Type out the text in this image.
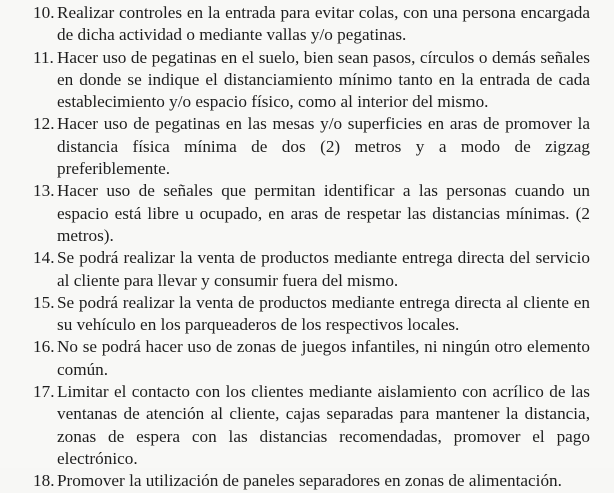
10. Realizar controles en la entrada para evitar colas, con una persona encargada de dicha actividad o mediante vallas y/o pegatinas.
11. Hacer uso de pegatinas en el suelo, bien sean pasos, círculos o demás señales en donde se indique el distanciamiento mínimo tanto en la entrada de cada establecimiento y/o espacio físico, como al interior del mismo.
12. Hacer uso de pegatinas en las mesas y/o superficies en aras de promover la distancia física mínima de dos (2) metros y a modo de zigzag preferiblemente.
13. Hacer uso de señales que permitan identificar a las personas cuando un espacio está libre u ocupado, en aras de respetar las distancias mínimas. (2 metros).
14. Se podrá realizar la venta de productos mediante entrega directa del servicio al cliente para llevar y consumir fuera del mismo.
15. Se podrá realizar la venta de productos mediante entrega directa al cliente en su vehículo en los parqueaderos de los respectivos locales.
16. No se podrá hacer uso de zonas de juegos infantiles, ni ningún otro elemento común.
17. Limitar el contacto con los clientes mediante aislamiento con acrílico de las ventanas de atención al cliente, cajas separadas para mantener la distancia, zonas de espera con las distancias recomendadas, promover el pago electrónico.
18. Promover la utilización de paneles separadores en zonas de alimentación.
